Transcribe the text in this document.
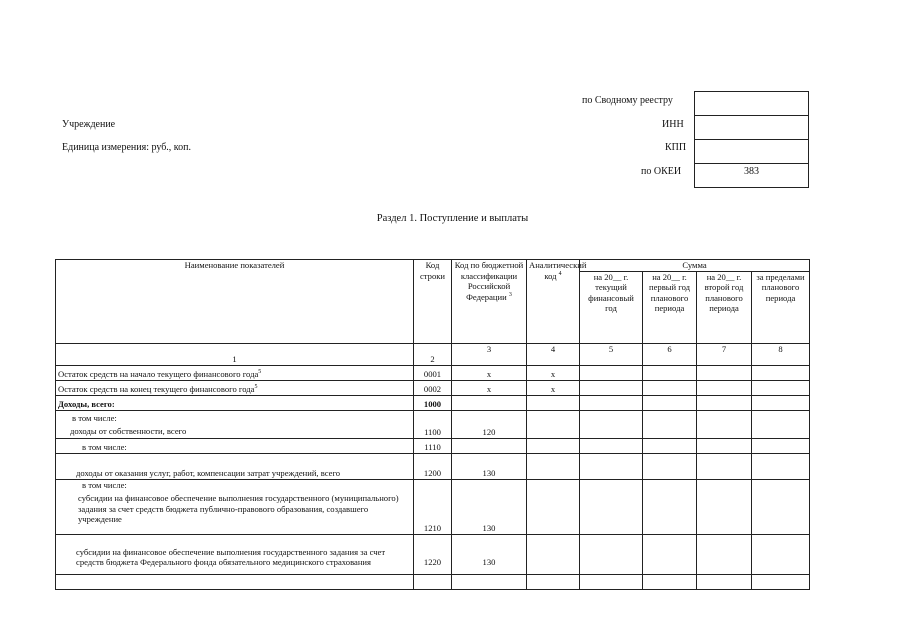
по Сводному реестру
ИНН
КПП
по ОКЕИ	383
Учреждение
Единица измерения: руб., коп.
Раздел 1. Поступление и выплаты
Наименование показателей	Код строки	Код по бюджетной классификации Российской Федерации $^3$	Аналитический код $^4$	Сумма			
				на 20__ г. текущий финансовый год	на 20__ г. первый год планового периода	на 20__ г. второй год планового периода	за пределами планового периода
1	2	3	4	5	6	7	8
Остаток средств на начало текущего финансового года$^5$	0001	x	x				
Остаток средств на конец текущего финансового года$^5$	0002	x	x				
Доходы, всего:	1000						

в том числе:
доходы от собственности, всего	1100	120					
в том числе:	1110						
доходы от оказания услуг, работ, компенсации затрат учреждений, всего	1200	130					

в том числе:
субсидии на финансовое обеспечение выполнения государственного (муниципального) задания за счет средств бюджета публично-правового образования, создавшего учреждение	1210	130					
субсидии на финансовое обеспечение выполнения государственного задания за счет средств бюджета Федерального фонда обязательного медицинского страхования	1220	130					
